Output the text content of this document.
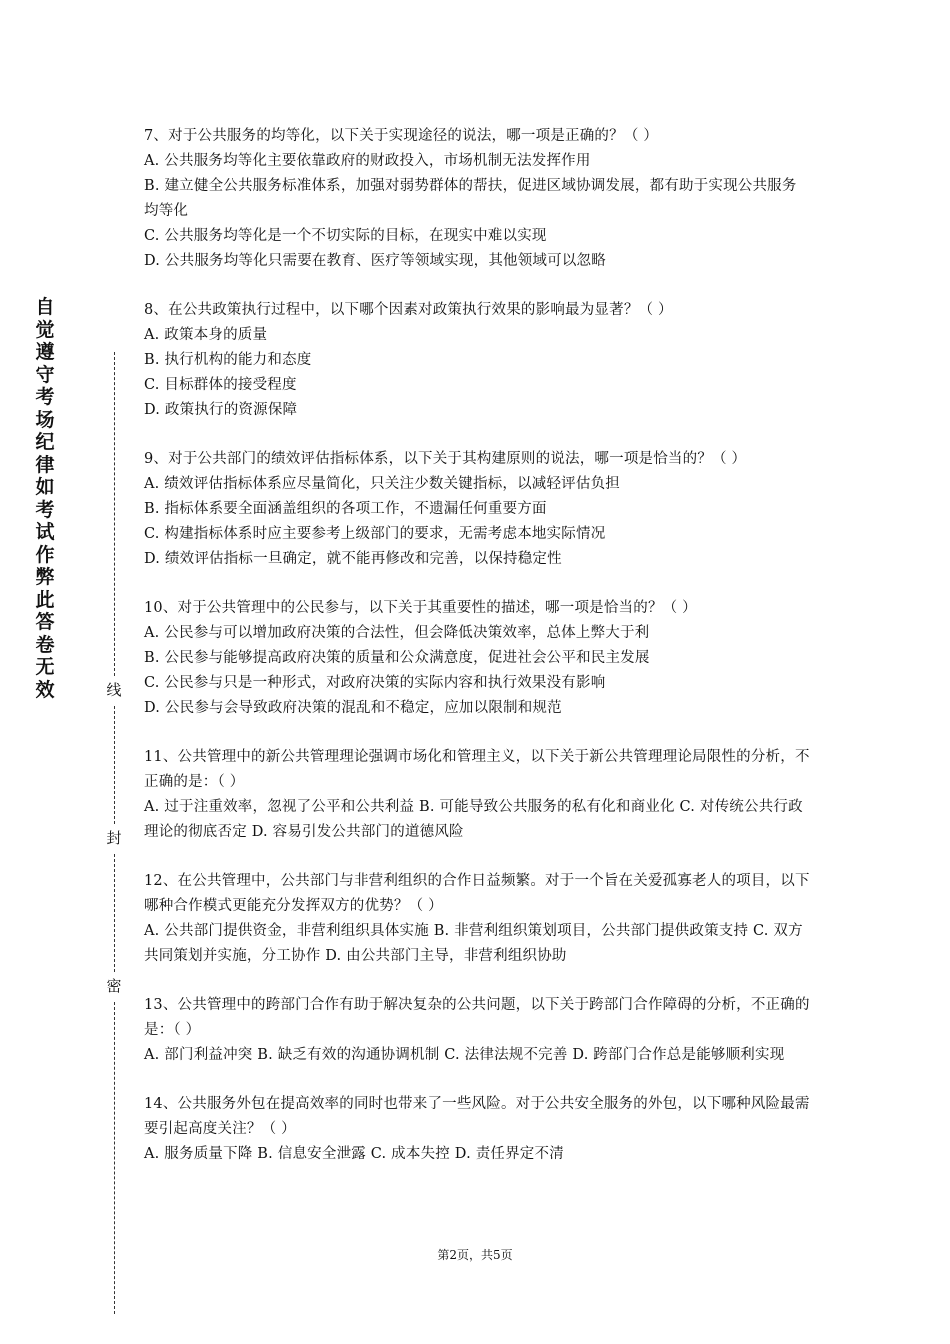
自觉遵守考场纪律如考试作弊此答卷无效	线
封
密

7、对于公共服务的均等化，以下关于实现途径的说法，哪一项是正确的？（ ）

A. 公共服务均等化主要依靠政府的财政投入，市场机制无法发挥作用

B. 建立健全公共服务标准体系，加强对弱势群体的帮扶，促进区域协调发展，都有助于实现公共服务均等化

C. 公共服务均等化是一个不切实际的目标，在现实中难以实现

D. 公共服务均等化只需要在教育、医疗等领域实现，其他领域可以忽略

8、在公共政策执行过程中，以下哪个因素对政策执行效果的影响最为显著？（ ）

A. 政策本身的质量

B. 执行机构的能力和态度

C. 目标群体的接受程度

D. 政策执行的资源保障

9、对于公共部门的绩效评估指标体系，以下关于其构建原则的说法，哪一项是恰当的？（ ）

A. 绩效评估指标体系应尽量简化，只关注少数关键指标，以减轻评估负担

B. 指标体系要全面涵盖组织的各项工作，不遗漏任何重要方面

C. 构建指标体系时应主要参考上级部门的要求，无需考虑本地实际情况

D. 绩效评估指标一旦确定，就不能再修改和完善，以保持稳定性

10、对于公共管理中的公民参与，以下关于其重要性的描述，哪一项是恰当的？（ ）

A. 公民参与可以增加政府决策的合法性，但会降低决策效率，总体上弊大于利

B. 公民参与能够提高政府决策的质量和公众满意度，促进社会公平和民主发展

C. 公民参与只是一种形式，对政府决策的实际内容和执行效果没有影响

D. 公民参与会导致政府决策的混乱和不稳定，应加以限制和规范

11、公共管理中的新公共管理理论强调市场化和管理主义，以下关于新公共管理理论局限性的分析，不正确的是：（ ）

A. 过于注重效率，忽视了公平和公共利益 B. 可能导致公共服务的私有化和商业化 C. 对传统公共行政理论的彻底否定 D. 容易引发公共部门的道德风险

12、在公共管理中，公共部门与非营利组织的合作日益频繁。对于一个旨在关爱孤寡老人的项目，以下哪种合作模式更能充分发挥双方的优势？（ ）

A. 公共部门提供资金，非营利组织具体实施 B. 非营利组织策划项目，公共部门提供政策支持 C. 双方共同策划并实施，分工协作 D. 由公共部门主导，非营利组织协助

13、公共管理中的跨部门合作有助于解决复杂的公共问题，以下关于跨部门合作障碍的分析，不正确的是：（ ）

A. 部门利益冲突 B. 缺乏有效的沟通协调机制 C. 法律法规不完善 D. 跨部门合作总是能够顺利实现

14、公共服务外包在提高效率的同时也带来了一些风险。对于公共安全服务的外包，以下哪种风险最需要引起高度关注？（ ）

A. 服务质量下降 B. 信息安全泄露 C. 成本失控 D. 责任界定不清

第2页，共5页
